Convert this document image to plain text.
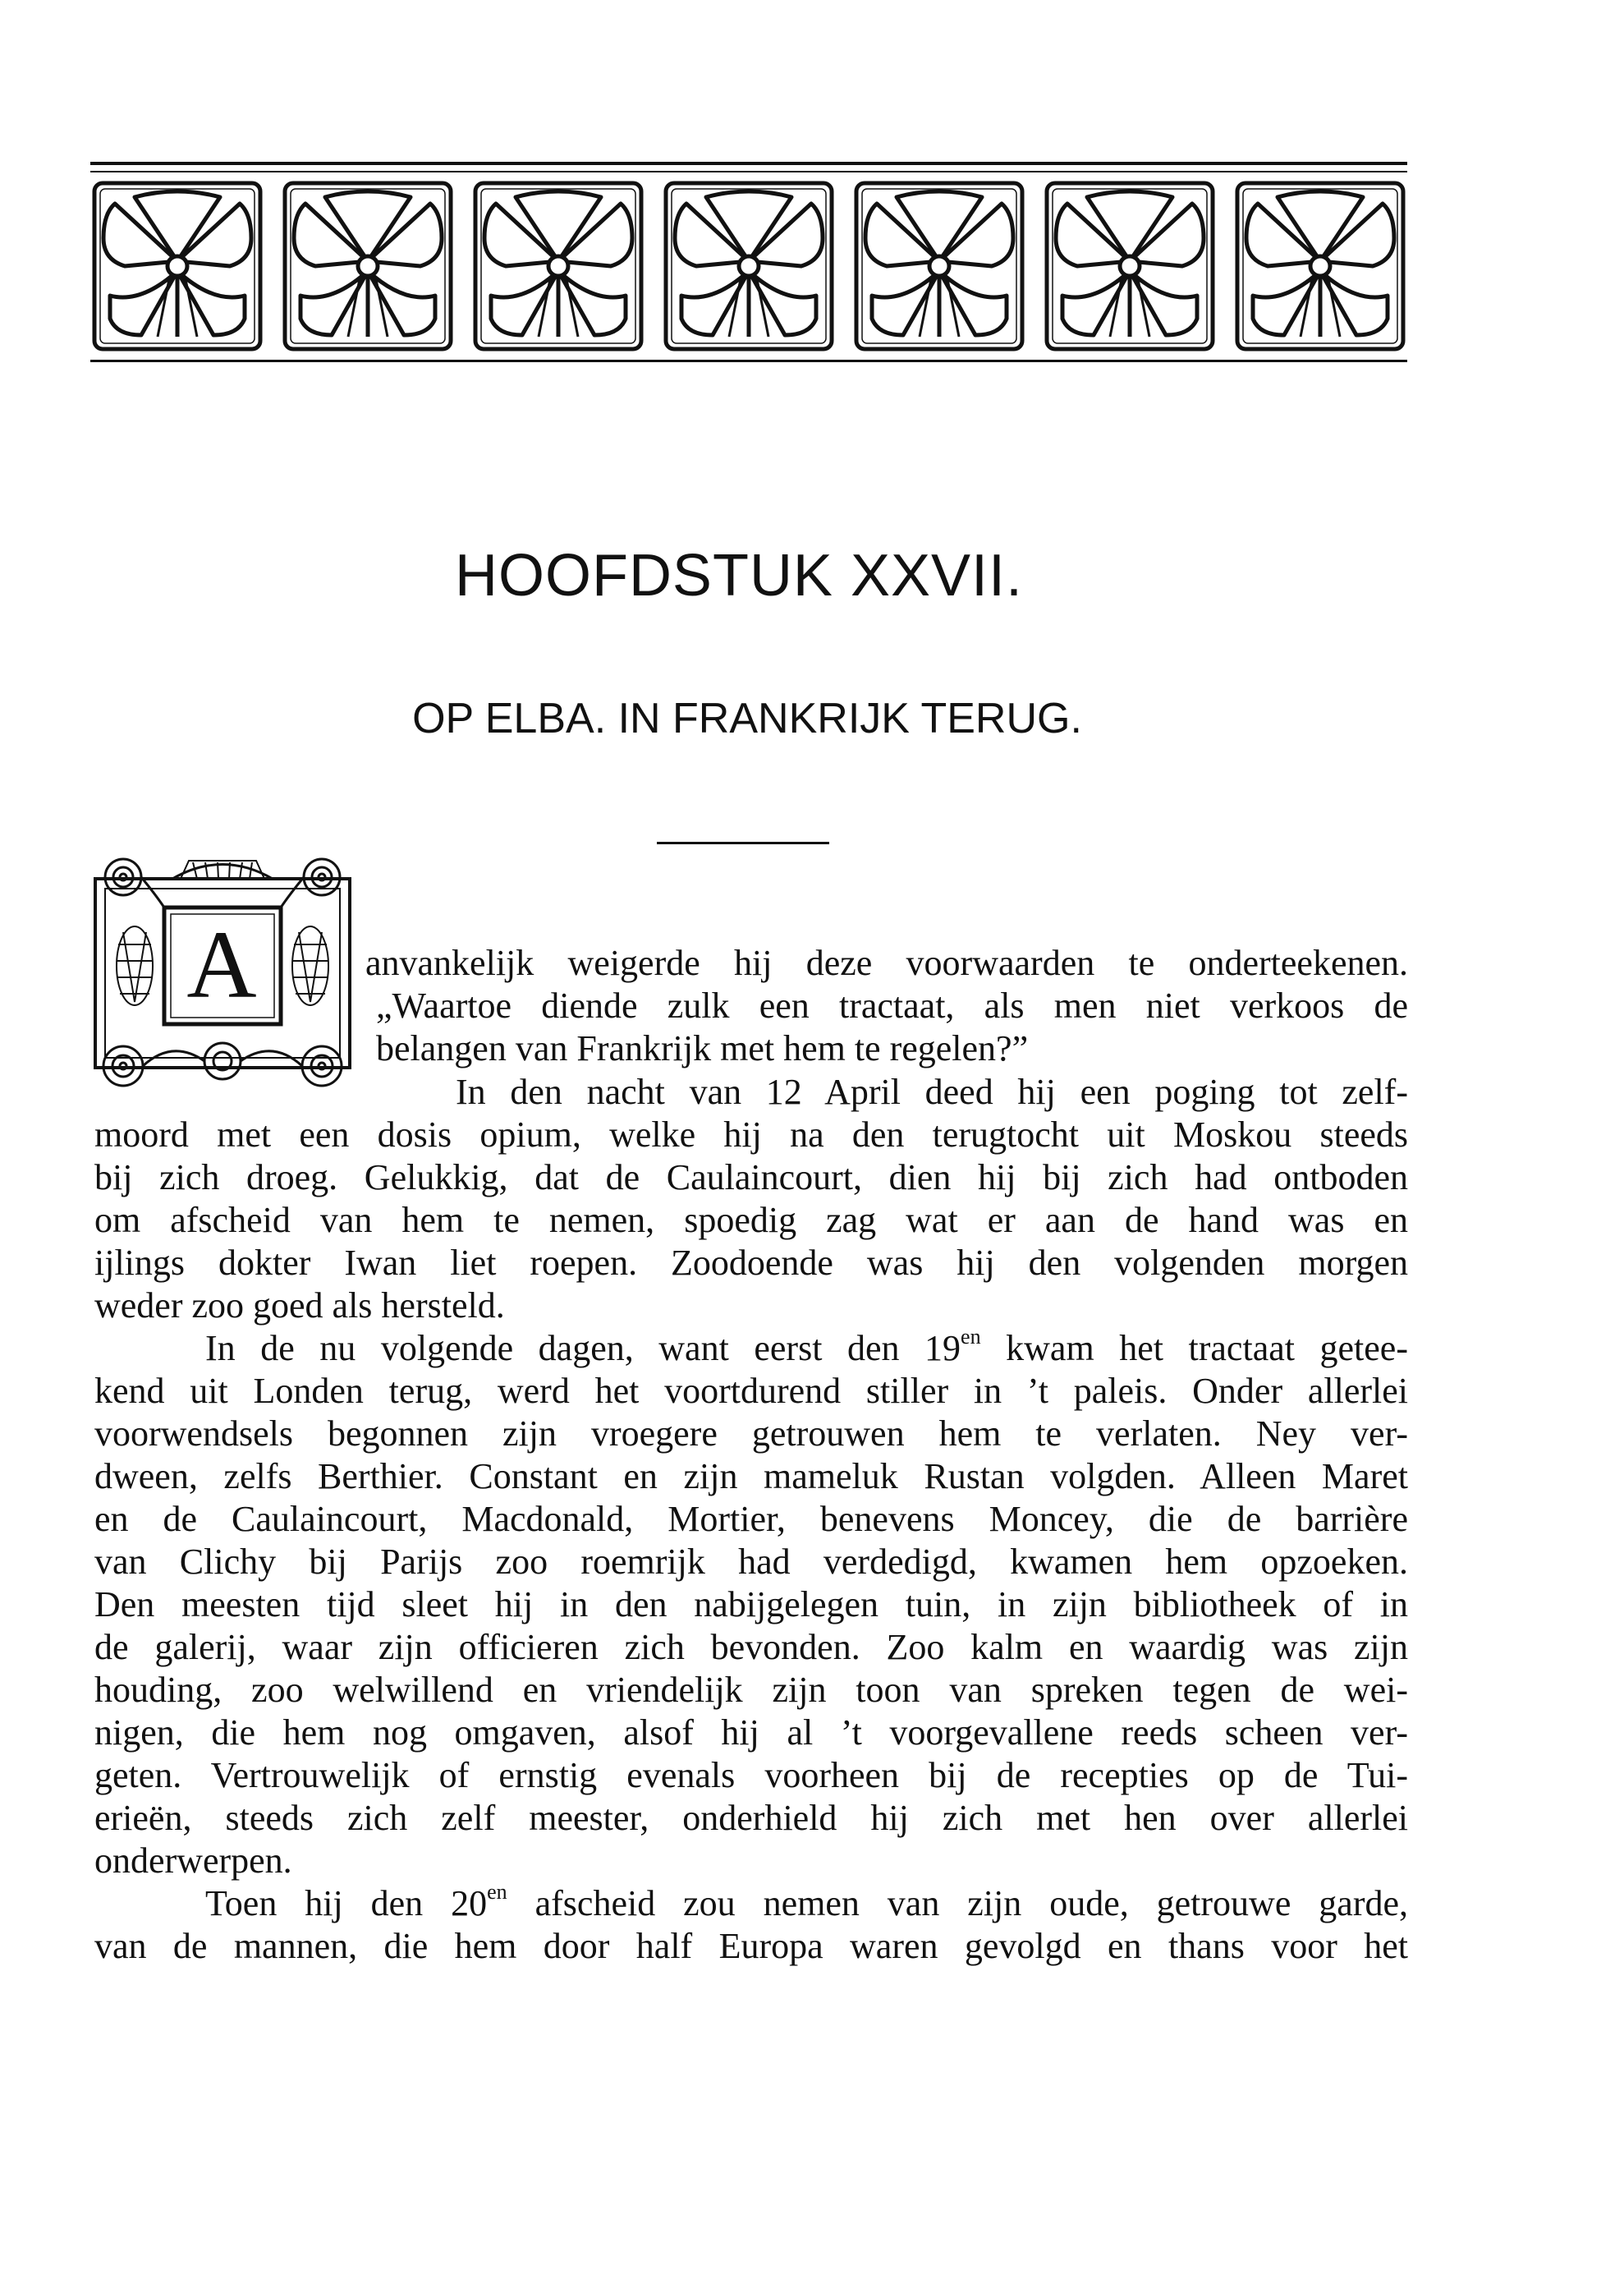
HOOFDSTUK XXVII.
OP ELBA. IN FRANKRIJK TERUG.
A	anvankelijk weigerde hij deze voorwaarden te onderteekenen.
„Waartoe diende zulk een tractaat, als men niet verkoos de
belangen van Frankrijk met hem te regelen?”
In den nacht van 12 April deed hij een poging tot zelf-
moord met een dosis opium, welke hij na den terugtocht uit Moskou steeds
bij zich droeg. Gelukkig, dat de Caulaincourt, dien hij bij zich had ontboden
om afscheid van hem te nemen, spoedig zag wat er aan de hand was en
ijlings dokter Iwan liet roepen. Zoodoende was hij den volgenden morgen
weder zoo goed als hersteld.
In de nu volgende dagen, want eerst den $19^{en}$ kwam het tractaat getee-
kend uit Londen terug, werd het voortdurend stiller in ’t paleis. Onder allerlei
voorwendsels begonnen zijn vroegere getrouwen hem te verlaten. Ney ver-
dween, zelfs Berthier. Constant en zijn mameluk Rustan volgden. Alleen Maret
en de Caulaincourt, Macdonald, Mortier, benevens Moncey, die de barrière
van Clichy bij Parijs zoo roemrijk had verdedigd, kwamen hem opzoeken.
Den meesten tijd sleet hij in den nabijgelegen tuin, in zijn bibliotheek of in
de galerij, waar zijn officieren zich bevonden. Zoo kalm en waardig was zijn
houding, zoo welwillend en vriendelijk zijn toon van spreken tegen de wei-
nigen, die hem nog omgaven, alsof hij al ’t voorgevallene reeds scheen ver-
geten. Vertrouwelijk of ernstig evenals voorheen bij de recepties op de Tui-
erieën, steeds zich zelf meester, onderhield hij zich met hen over allerlei
onderwerpen.
Toen hij den $20^{en}$ afscheid zou nemen van zijn oude, getrouwe garde,
van de mannen, die hem door half Europa waren gevolgd en thans voor het
